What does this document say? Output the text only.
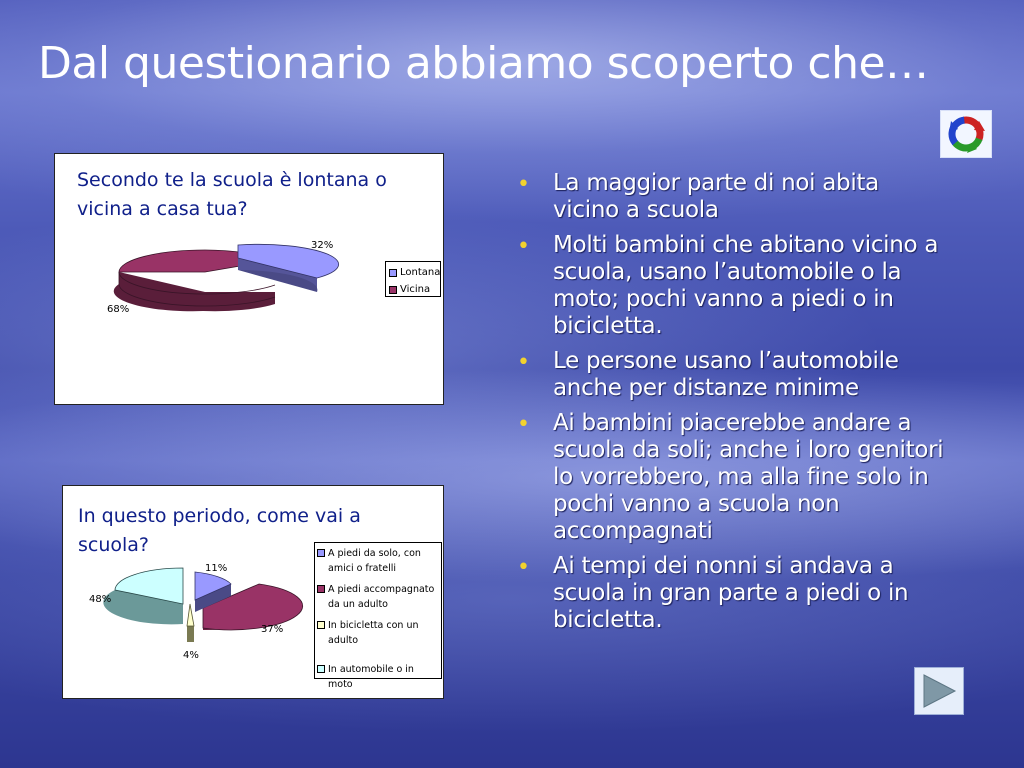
Dal questionario abbiamo scoperto che…
Secondo te la scuola è lontana o vicina a casa tua?
32%
68%
Lontana
Vicina
In questo periodo, come vai a scuola?
11%
37%
4%
48%
A piedi da solo, con amici o fratelli
A piedi accompagnato da un adulto
In bicicletta con un adulto
In automobile o in moto
• La maggior parte di noi abita vicino a scuola
• Molti bambini che abitano vicino a scuola, usano l’automobile o la moto; pochi vanno a piedi o in bicicletta.
• Le persone usano l’automobile anche per distanze minime
• Ai bambini piacerebbe andare a scuola da soli; anche i loro genitori lo vorrebbero, ma alla fine solo in pochi vanno a scuola non accompagnati
• Ai tempi dei nonni si andava a scuola in gran parte a piedi o in bicicletta.
